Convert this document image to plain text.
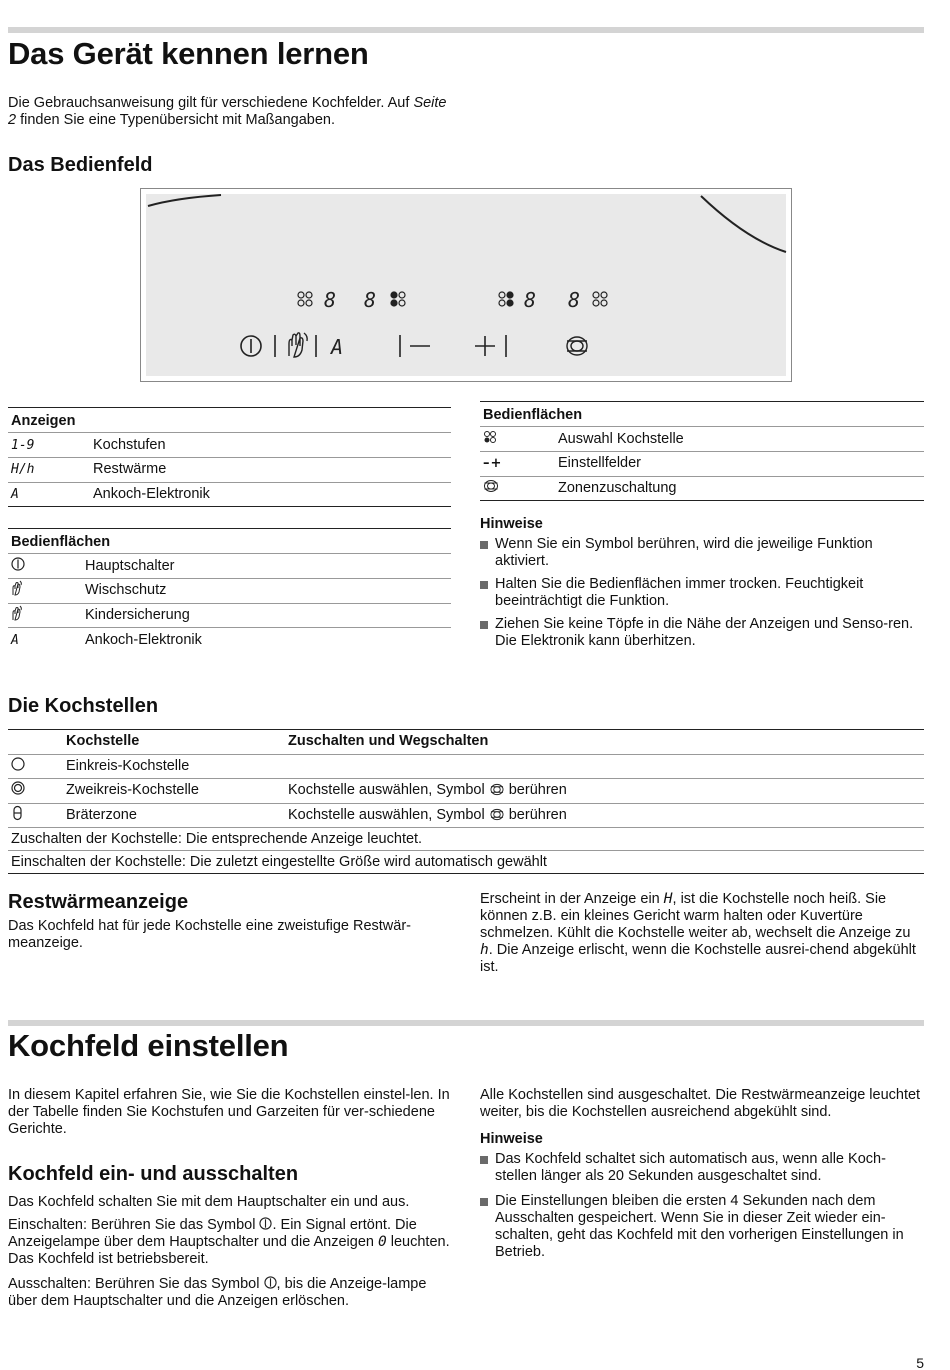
Das Gerät kennen lernen

Die Gebrauchsanweisung gilt für verschiedene Kochfelder. Auf Seite 2 finden Sie eine Typenübersicht mit Maßangaben.

Das Bedienfeld
8 8	8 8
A
Anzeigen
1-9	Kochstufen
H/h	Restwärme
A	Ankoch-Elektronik
Bedienflächen
	Hauptschalter
	Wischschutz
	Kindersicherung
A	Ankoch-Elektronik
Bedienflächen
	Auswahl Kochstelle
–+	Einstellfelder
	Zonenzuschaltung
Hinweise
Wenn Sie ein Symbol berühren, wird die jeweilige Funktion aktiviert.
Halten Sie die Bedienflächen immer trocken. Feuchtigkeit beeinträchtigt die Funktion.
Ziehen Sie keine Töpfe in die Nähe der Anzeigen und Senso-ren. Die Elektronik kann überhitzen.
Die Kochstellen
	Kochstelle	Zuschalten und Wegschalten
	Einkreis-Kochstelle	
	Zweikreis-Kochstelle	Kochstelle auswählen, Symbol berühren
	Bräterzone	Kochstelle auswählen, Symbol berühren
Zuschalten der Kochstelle: Die entsprechende Anzeige leuchtet.		
Einschalten der Kochstelle: Die zuletzt eingestellte Größe wird automatisch gewählt		
Restwärmeanzeige

Das Kochfeld hat für jede Kochstelle eine zweistufige Restwär-meanzeige.

Erscheint in der Anzeige ein H, ist die Kochstelle noch heiß. Sie können z.B. ein kleines Gericht warm halten oder Kuvertüre schmelzen. Kühlt die Kochstelle weiter ab, wechselt die Anzeige zu h. Die Anzeige erlischt, wenn die Kochstelle ausrei-chend abgekühlt ist.

Kochfeld einstellen

In diesem Kapitel erfahren Sie, wie Sie die Kochstellen einstel-len. In der Tabelle finden Sie Kochstufen und Garzeiten für ver-schiedene Gerichte.

Kochfeld ein- und ausschalten

Das Kochfeld schalten Sie mit dem Hauptschalter ein und aus.

Einschalten: Berühren Sie das Symbol . Ein Signal ertönt. Die Anzeigelampe über dem Hauptschalter und die Anzeigen 0 leuchten. Das Kochfeld ist betriebsbereit.

Ausschalten: Berühren Sie das Symbol , bis die Anzeige-lampe über dem Hauptschalter und die Anzeigen erlöschen.

Alle Kochstellen sind ausgeschaltet. Die Restwärmeanzeige leuchtet weiter, bis die Kochstellen ausreichend abgekühlt sind.

Hinweise
Das Kochfeld schaltet sich automatisch aus, wenn alle Koch-stellen länger als 20 Sekunden ausgeschaltet sind.
Die Einstellungen bleiben die ersten 4 Sekunden nach dem Ausschalten gespeichert. Wenn Sie in dieser Zeit wieder ein-schalten, geht das Kochfeld mit den vorherigen Einstellungen in Betrieb.
5
